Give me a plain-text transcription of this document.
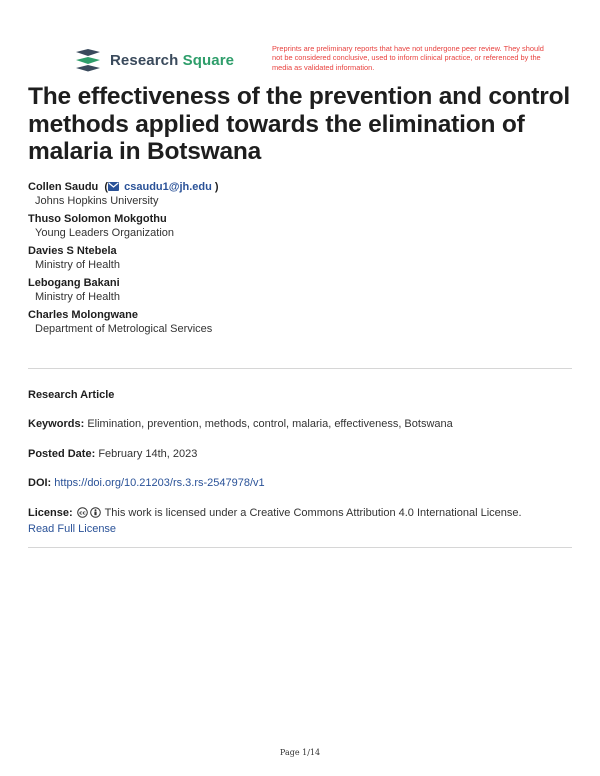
Research Square
Preprints are preliminary reports that have not undergone peer review. They should not be considered conclusive, used to inform clinical practice, or referenced by the media as validated information.
The effectiveness of the prevention and control methods applied towards the elimination of malaria in Botswana
Collen Saudu  ( csaudu1@jh.edu )
Johns Hopkins University
Thuso Solomon Mokgothu
Young Leaders Organization
Davies S Ntebela
Ministry of Health
Lebogang Bakani
Ministry of Health
Charles Molongwane
Department of Metrological Services
Research Article
Keywords: Elimination, prevention, methods, control, malaria, effectiveness, Botswana
Posted Date: February 14th, 2023
DOI: https://doi.org/10.21203/rs.3.rs-2547978/v1
License: cc This work is licensed under a Creative Commons Attribution 4.0 International License.
Read Full License
Page 1/14
